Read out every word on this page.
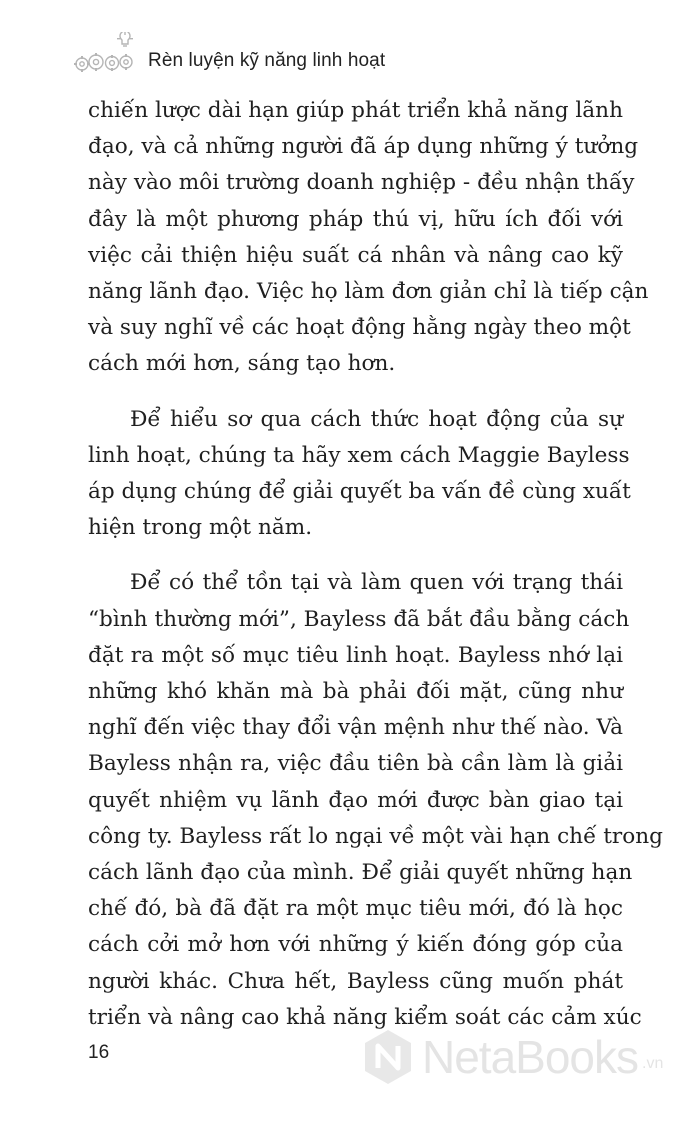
Rèn luyện kỹ năng linh hoạt

chiến lược dài hạn giúp phát triển khả năng lãnh
đạo, và cả những người đã áp dụng những ý tưởng
này vào môi trường doanh nghiệp - đều nhận thấy
đây là một phương pháp thú vị, hữu ích đối với
việc cải thiện hiệu suất cá nhân và nâng cao kỹ
năng lãnh đạo. Việc họ làm đơn giản chỉ là tiếp cận
và suy nghĩ về các hoạt động hằng ngày theo một
cách mới hơn, sáng tạo hơn.

Để hiểu sơ qua cách thức hoạt động của sự
linh hoạt, chúng ta hãy xem cách Maggie Bayless
áp dụng chúng để giải quyết ba vấn đề cùng xuất
hiện trong một năm.

Để có thể tồn tại và làm quen với trạng thái
“bình thường mới”, Bayless đã bắt đầu bằng cách
đặt ra một số mục tiêu linh hoạt. Bayless nhớ lại
những khó khăn mà bà phải đối mặt, cũng như
nghĩ đến việc thay đổi vận mệnh như thế nào. Và
Bayless nhận ra, việc đầu tiên bà cần làm là giải
quyết nhiệm vụ lãnh đạo mới được bàn giao tại
công ty. Bayless rất lo ngại về một vài hạn chế trong
cách lãnh đạo của mình. Để giải quyết những hạn
chế đó, bà đã đặt ra một mục tiêu mới, đó là học
cách cởi mở hơn với những ý kiến đóng góp của
người khác. Chưa hết, Bayless cũng muốn phát
triển và nâng cao khả năng kiểm soát các cảm xúc

16	NetaBooks .vn
